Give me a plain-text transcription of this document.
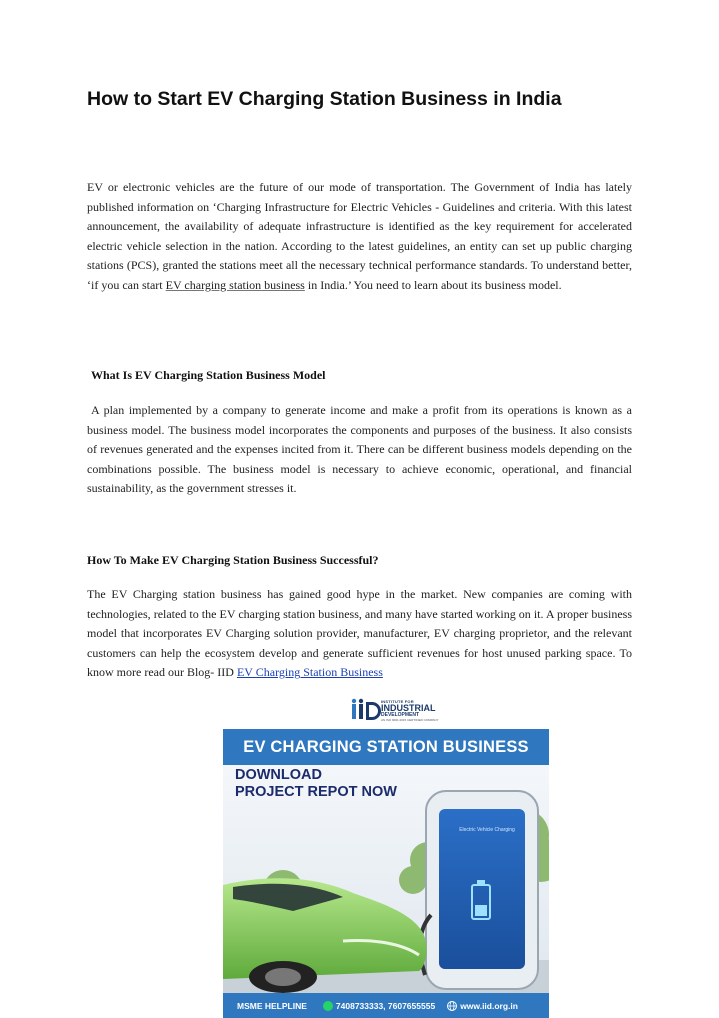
How to Start EV Charging Station Business in India

EV or electronic vehicles are the future of our mode of transportation. The Government of India has lately published information on ‘Charging Infrastructure for Electric Vehicles - Guidelines and criteria. With this latest announcement, the availability of adequate infrastructure is identified as the key requirement for accelerated electric vehicle selection in the nation. According to the latest guidelines, an entity can set up public charging stations (PCS), granted the stations meet all the necessary technical performance standards. To understand better, ‘if you can start EV charging station business in India.’ You need to learn about its business model.

What Is EV Charging Station Business Model

A plan implemented by a company to generate income and make a profit from its operations is known as a business model. The business model incorporates the components and purposes of the business. It also consists of revenues generated and the expenses incited from it. There can be different business models depending on the combinations possible. The business model is necessary to achieve economic, operational, and financial sustainability, as the government stresses it.

How To Make EV Charging Station Business Successful?

The EV Charging station business has gained good hype in the market. New companies are coming with technologies, related to the EV charging station business, and many have started working on it. A proper business model that incorporates EV Charging solution provider, manufacturer, EV charging proprietor, and the relevant customers can help the ecosystem develop and generate sufficient revenues for host unused parking space. To know more read our Blog- IID EV Charging Station Business

INSTITUTE FOR
INDUSTRIAL
DEVELOPMENT
AN ISO 9001:2015 CERTIFIED COMPANY
EV CHARGING STATION BUSINESS
DOWNLOAD
PROJECT REPOT NOW
Electric Vehicle Charging
MSME HELPLINE	7408733333, 7607655555	www.iid.org.in
